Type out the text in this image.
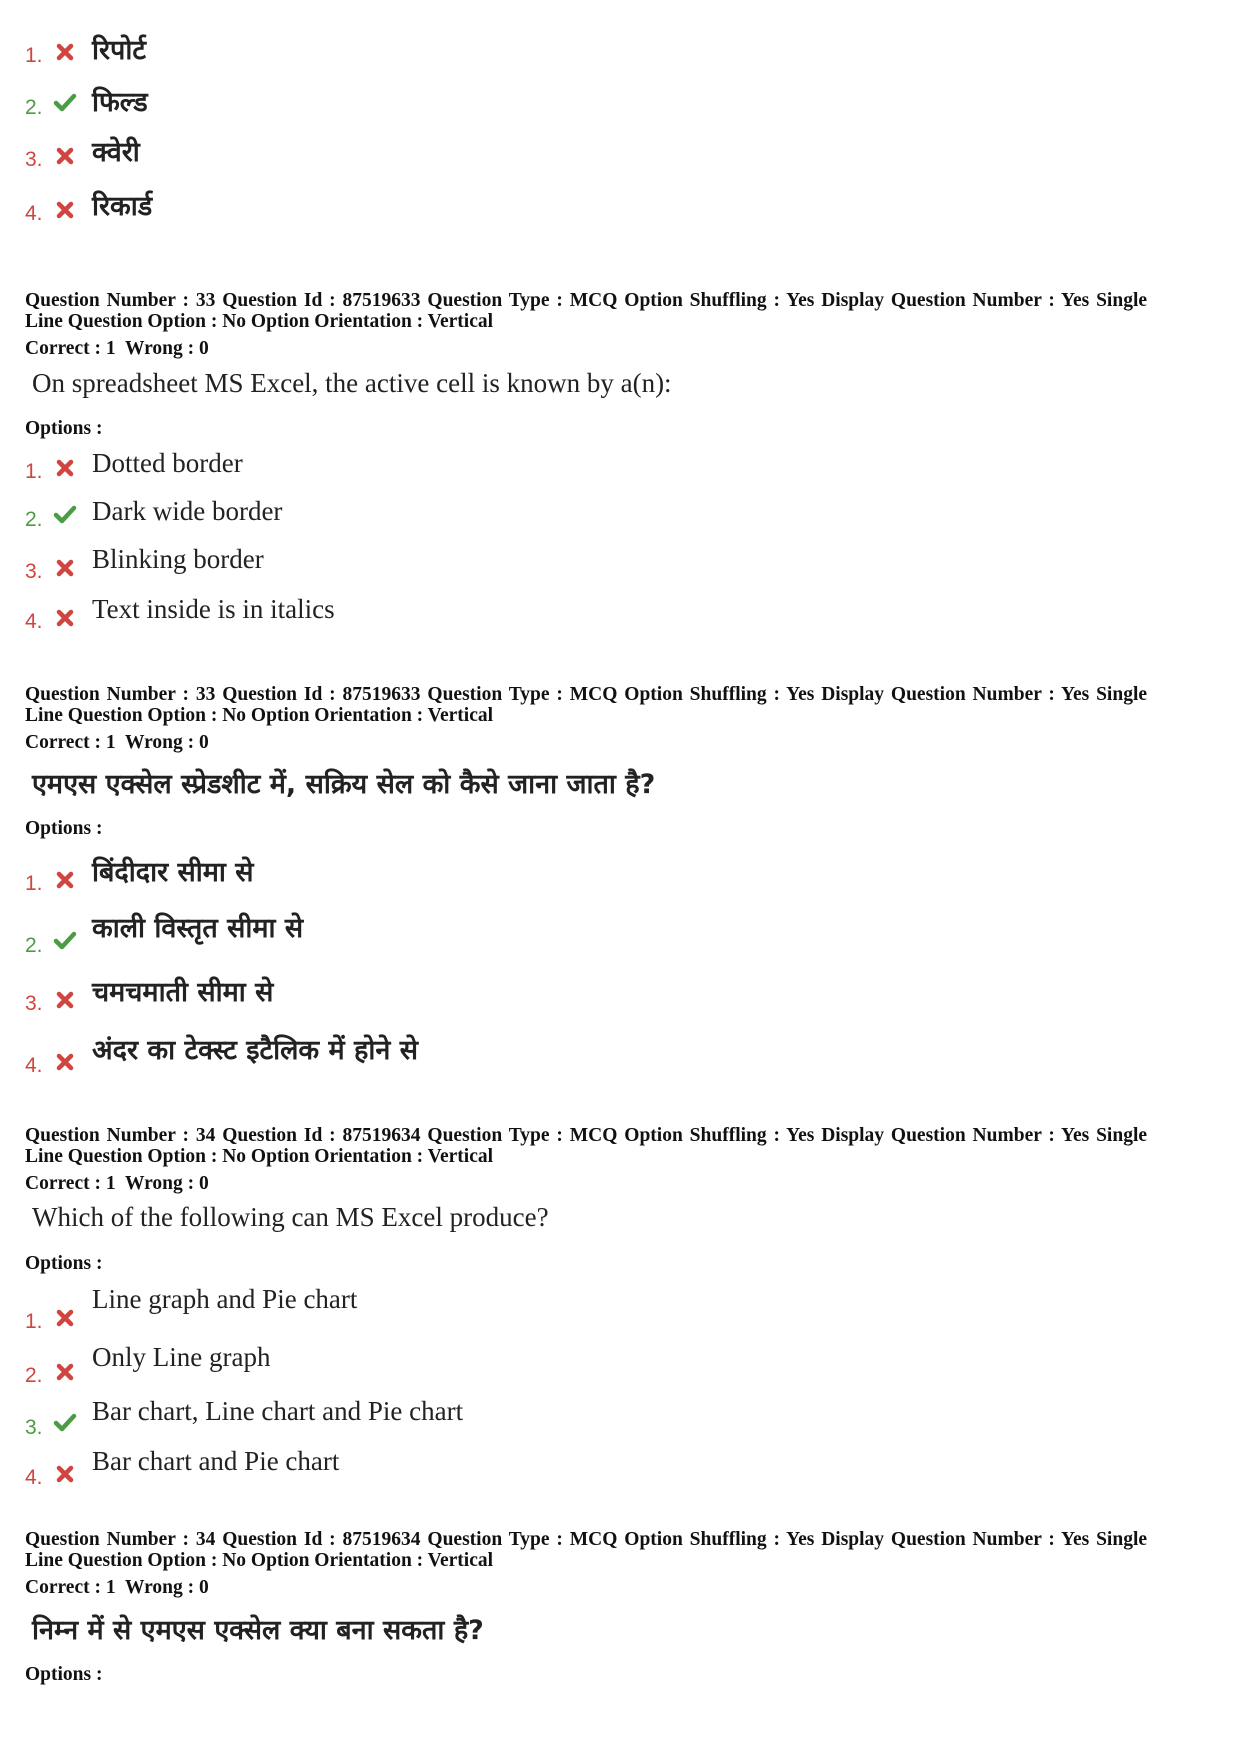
1. रिपोर्ट
2. फिल्ड
3. क्वेरी
4. रिकार्ड
Question Number : 33 Question Id : 87519633 Question Type : MCQ Option Shuffling : Yes Display Question Number : Yes Single
Line Question Option : No Option Orientation : Vertical
Correct : 1  Wrong : 0
On spreadsheet MS Excel, the active cell is known by a(n):
Options :
1. Dotted border
2. Dark wide border
3. Blinking border
4. Text inside is in italics
Question Number : 33 Question Id : 87519633 Question Type : MCQ Option Shuffling : Yes Display Question Number : Yes Single
Line Question Option : No Option Orientation : Vertical
Correct : 1  Wrong : 0
एमएस एक्सेल स्प्रेडशीट में, सक्रिय सेल को कैसे जाना जाता है?
Options :
1. बिंदीदार सीमा से
2.
काली विस्तृत सीमा से
3. चमचमाती सीमा से
4. अंदर का टेक्स्ट इटैलिक में होने से
Question Number : 34 Question Id : 87519634 Question Type : MCQ Option Shuffling : Yes Display Question Number : Yes Single
Line Question Option : No Option Orientation : Vertical
Correct : 1  Wrong : 0
Which of the following can MS Excel produce?
Options :
1.
Line graph and Pie chart
2.
Only Line graph
3.
Bar chart, Line chart and Pie chart
4.
Bar chart and Pie chart
Question Number : 34 Question Id : 87519634 Question Type : MCQ Option Shuffling : Yes Display Question Number : Yes Single
Line Question Option : No Option Orientation : Vertical
Correct : 1  Wrong : 0
निम्न में से एमएस एक्सेल क्या बना सकता है?
Options :
